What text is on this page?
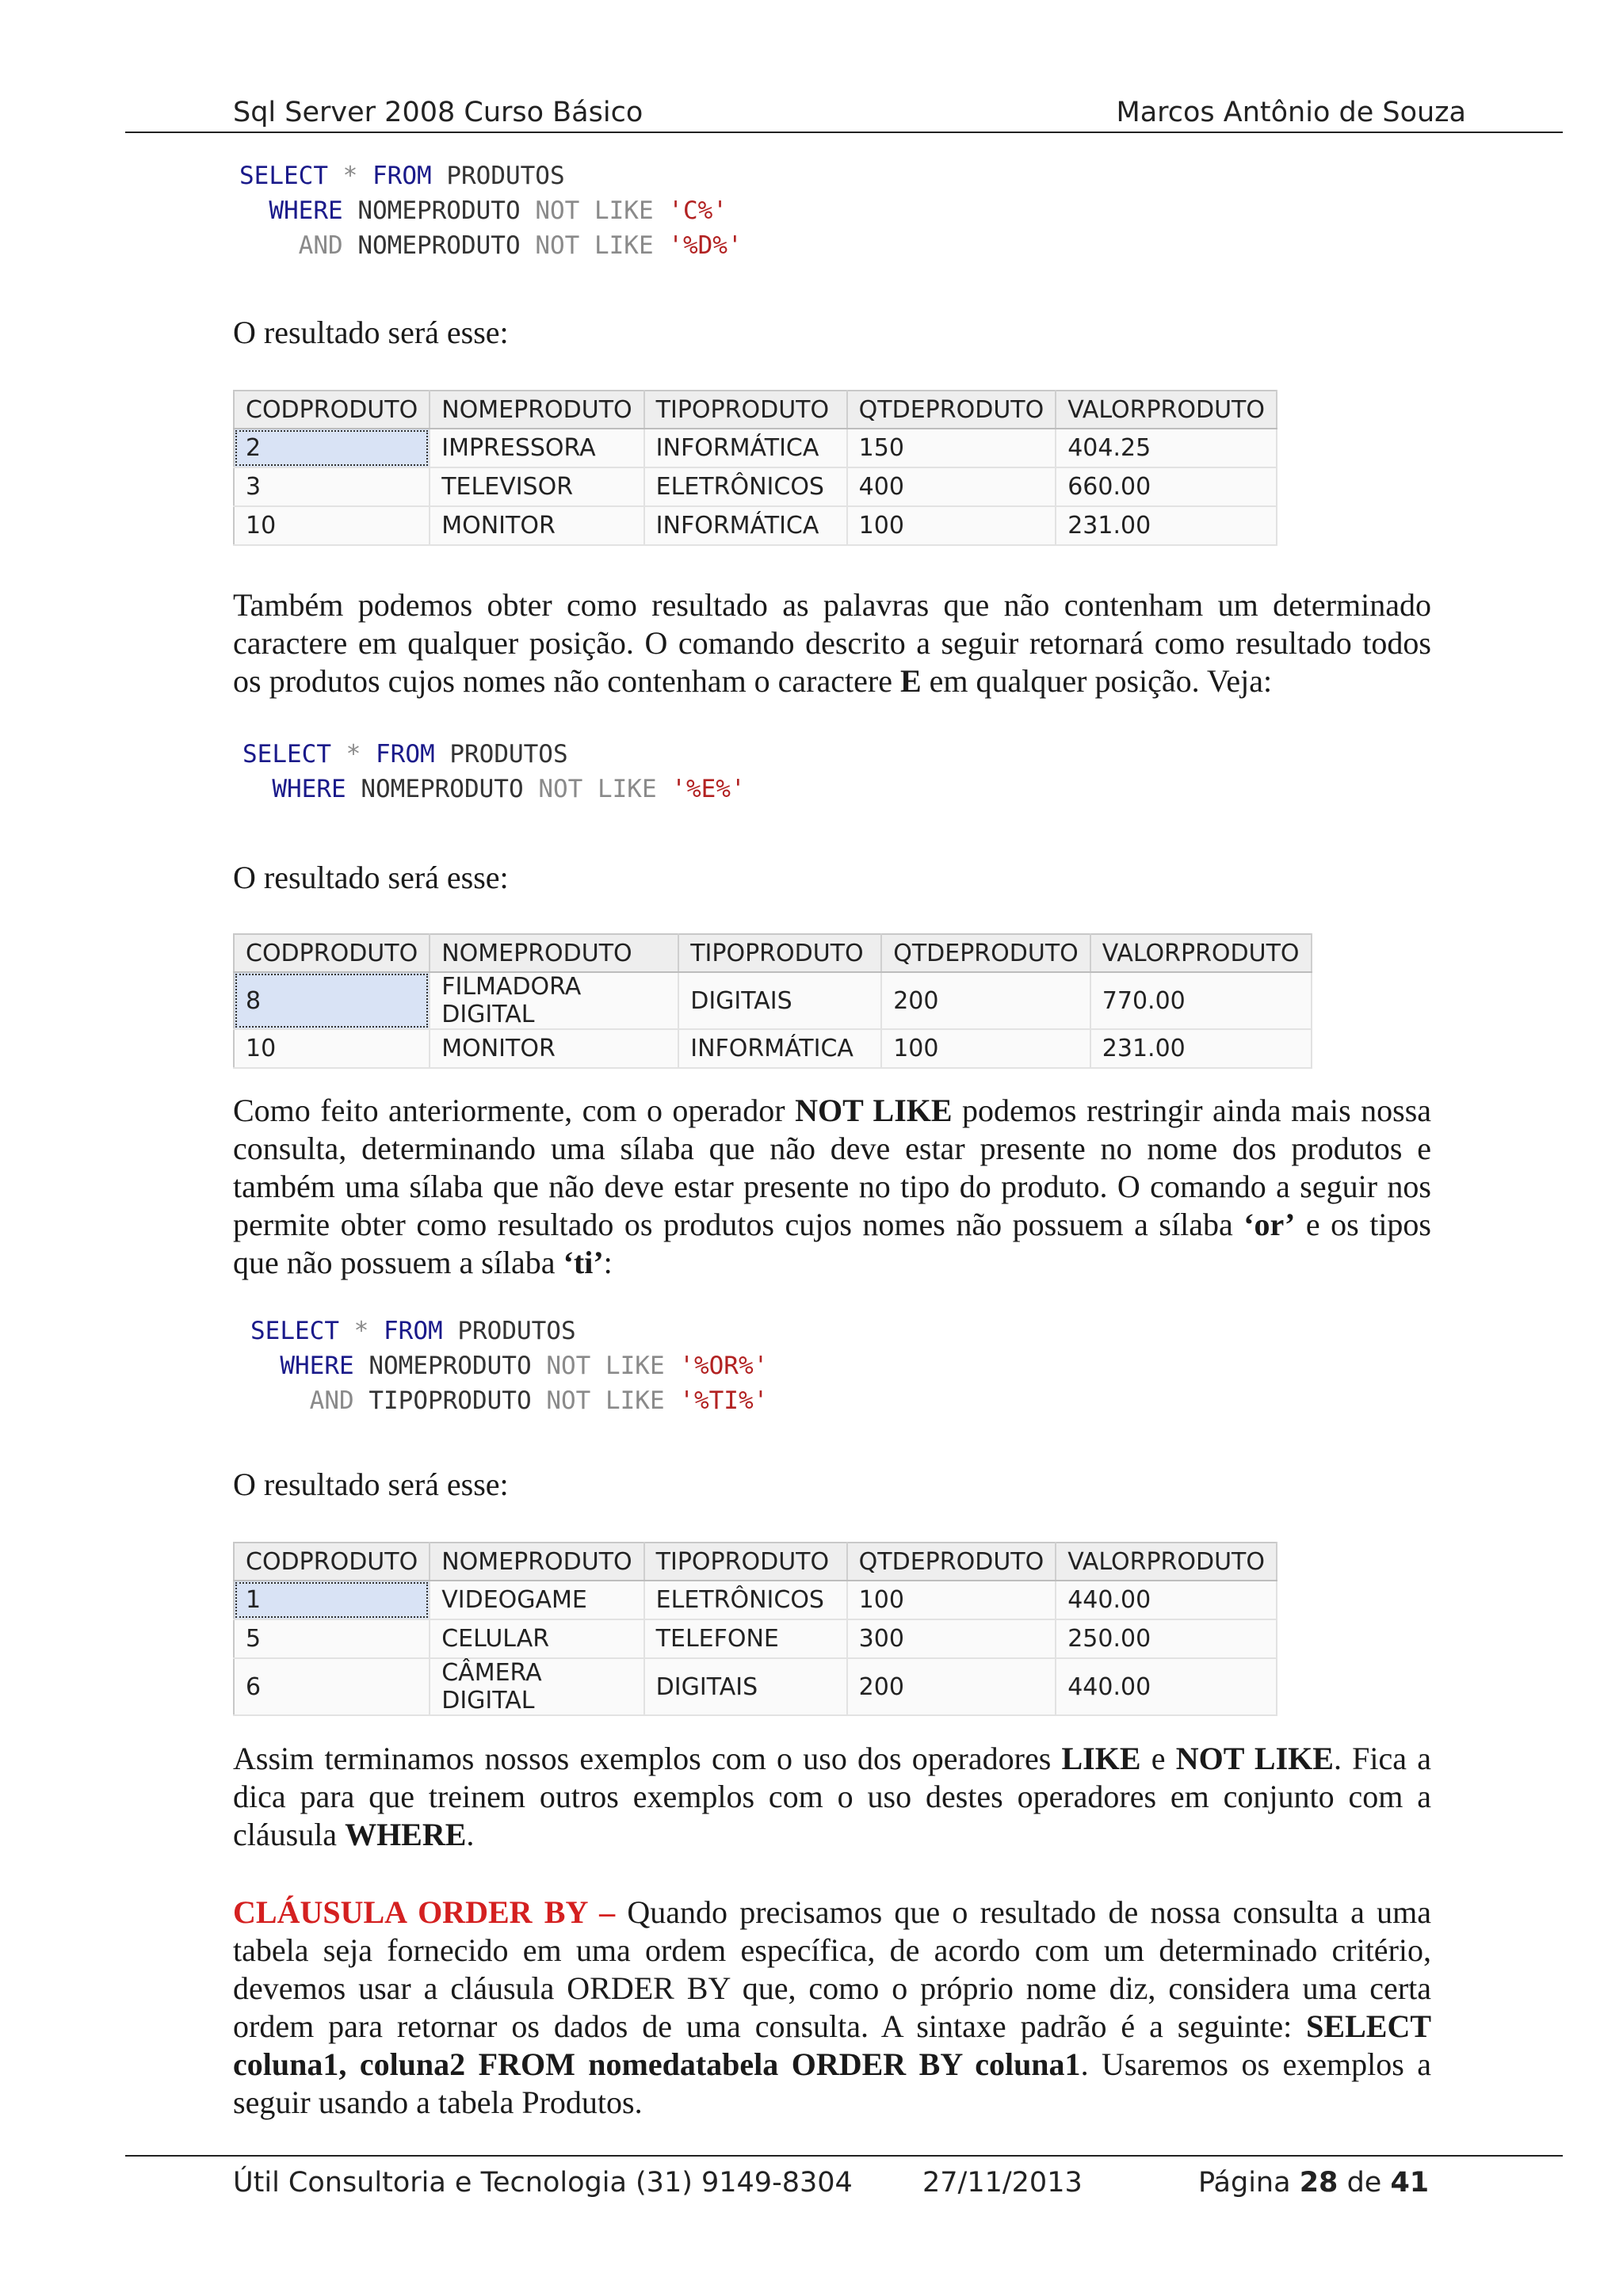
Sql Server 2008 Curso Básico	Marcos Antônio de Souza
SELECT * FROM PRODUTOS
WHERE NOMEPRODUTO NOT LIKE 'C%'
AND NOMEPRODUTO NOT LIKE '%D%'
O resultado será esse:
CODPRODUTO	NOMEPRODUTO	TIPOPRODUTO	QTDEPRODUTO	VALORPRODUTO
2	IMPRESSORA	INFORMÁTICA	150	404.25
3	TELEVISOR	ELETRÔNICOS	400	660.00
10	MONITOR	INFORMÁTICA	100	231.00
Também podemos obter como resultado as palavras que não contenham um determinado caractere em qualquer posição. O comando descrito a seguir retornará como resultado todos os produtos cujos nomes não contenham o caractere E em qualquer posição. Veja:
SELECT * FROM PRODUTOS
WHERE NOMEPRODUTO NOT LIKE '%E%'
O resultado será esse:
CODPRODUTO	NOMEPRODUTO	TIPOPRODUTO	QTDEPRODUTO	VALORPRODUTO
8	FILMADORA DIGITAL	DIGITAIS	200	770.00
10	MONITOR	INFORMÁTICA	100	231.00
Como feito anteriormente, com o operador NOT LIKE podemos restringir ainda mais nossa consulta, determinando uma sílaba que não deve estar presente no nome dos produtos e também uma sílaba que não deve estar presente no tipo do produto. O comando a seguir nos permite obter como resultado os produtos cujos nomes não possuem a sílaba ‘or’ e os tipos que não possuem a sílaba ‘ti’:
SELECT * FROM PRODUTOS
WHERE NOMEPRODUTO NOT LIKE '%OR%'
AND TIPOPRODUTO NOT LIKE '%TI%'
O resultado será esse:
CODPRODUTO	NOMEPRODUTO	TIPOPRODUTO	QTDEPRODUTO	VALORPRODUTO
1	VIDEOGAME	ELETRÔNICOS	100	440.00
5	CELULAR	TELEFONE	300	250.00
6	CÂMERA DIGITAL	DIGITAIS	200	440.00
Assim terminamos nossos exemplos com o uso dos operadores LIKE e NOT LIKE. Fica a dica para que treinem outros exemplos com o uso destes operadores em conjunto com a cláusula WHERE.
CLÁUSULA ORDER BY – Quando precisamos que o resultado de nossa consulta a uma tabela seja fornecido em uma ordem específica, de acordo com um determinado critério, devemos usar a cláusula ORDER BY que, como o próprio nome diz, considera uma certa ordem para retornar os dados de uma consulta. A sintaxe padrão é a seguinte: SELECT coluna1, coluna2 FROM nomedatabela ORDER BY coluna1. Usaremos os exemplos a seguir usando a tabela Produtos.
Útil Consultoria e Tecnologia (31) 9149-8304	27/11/2013	Página 28 de 41
